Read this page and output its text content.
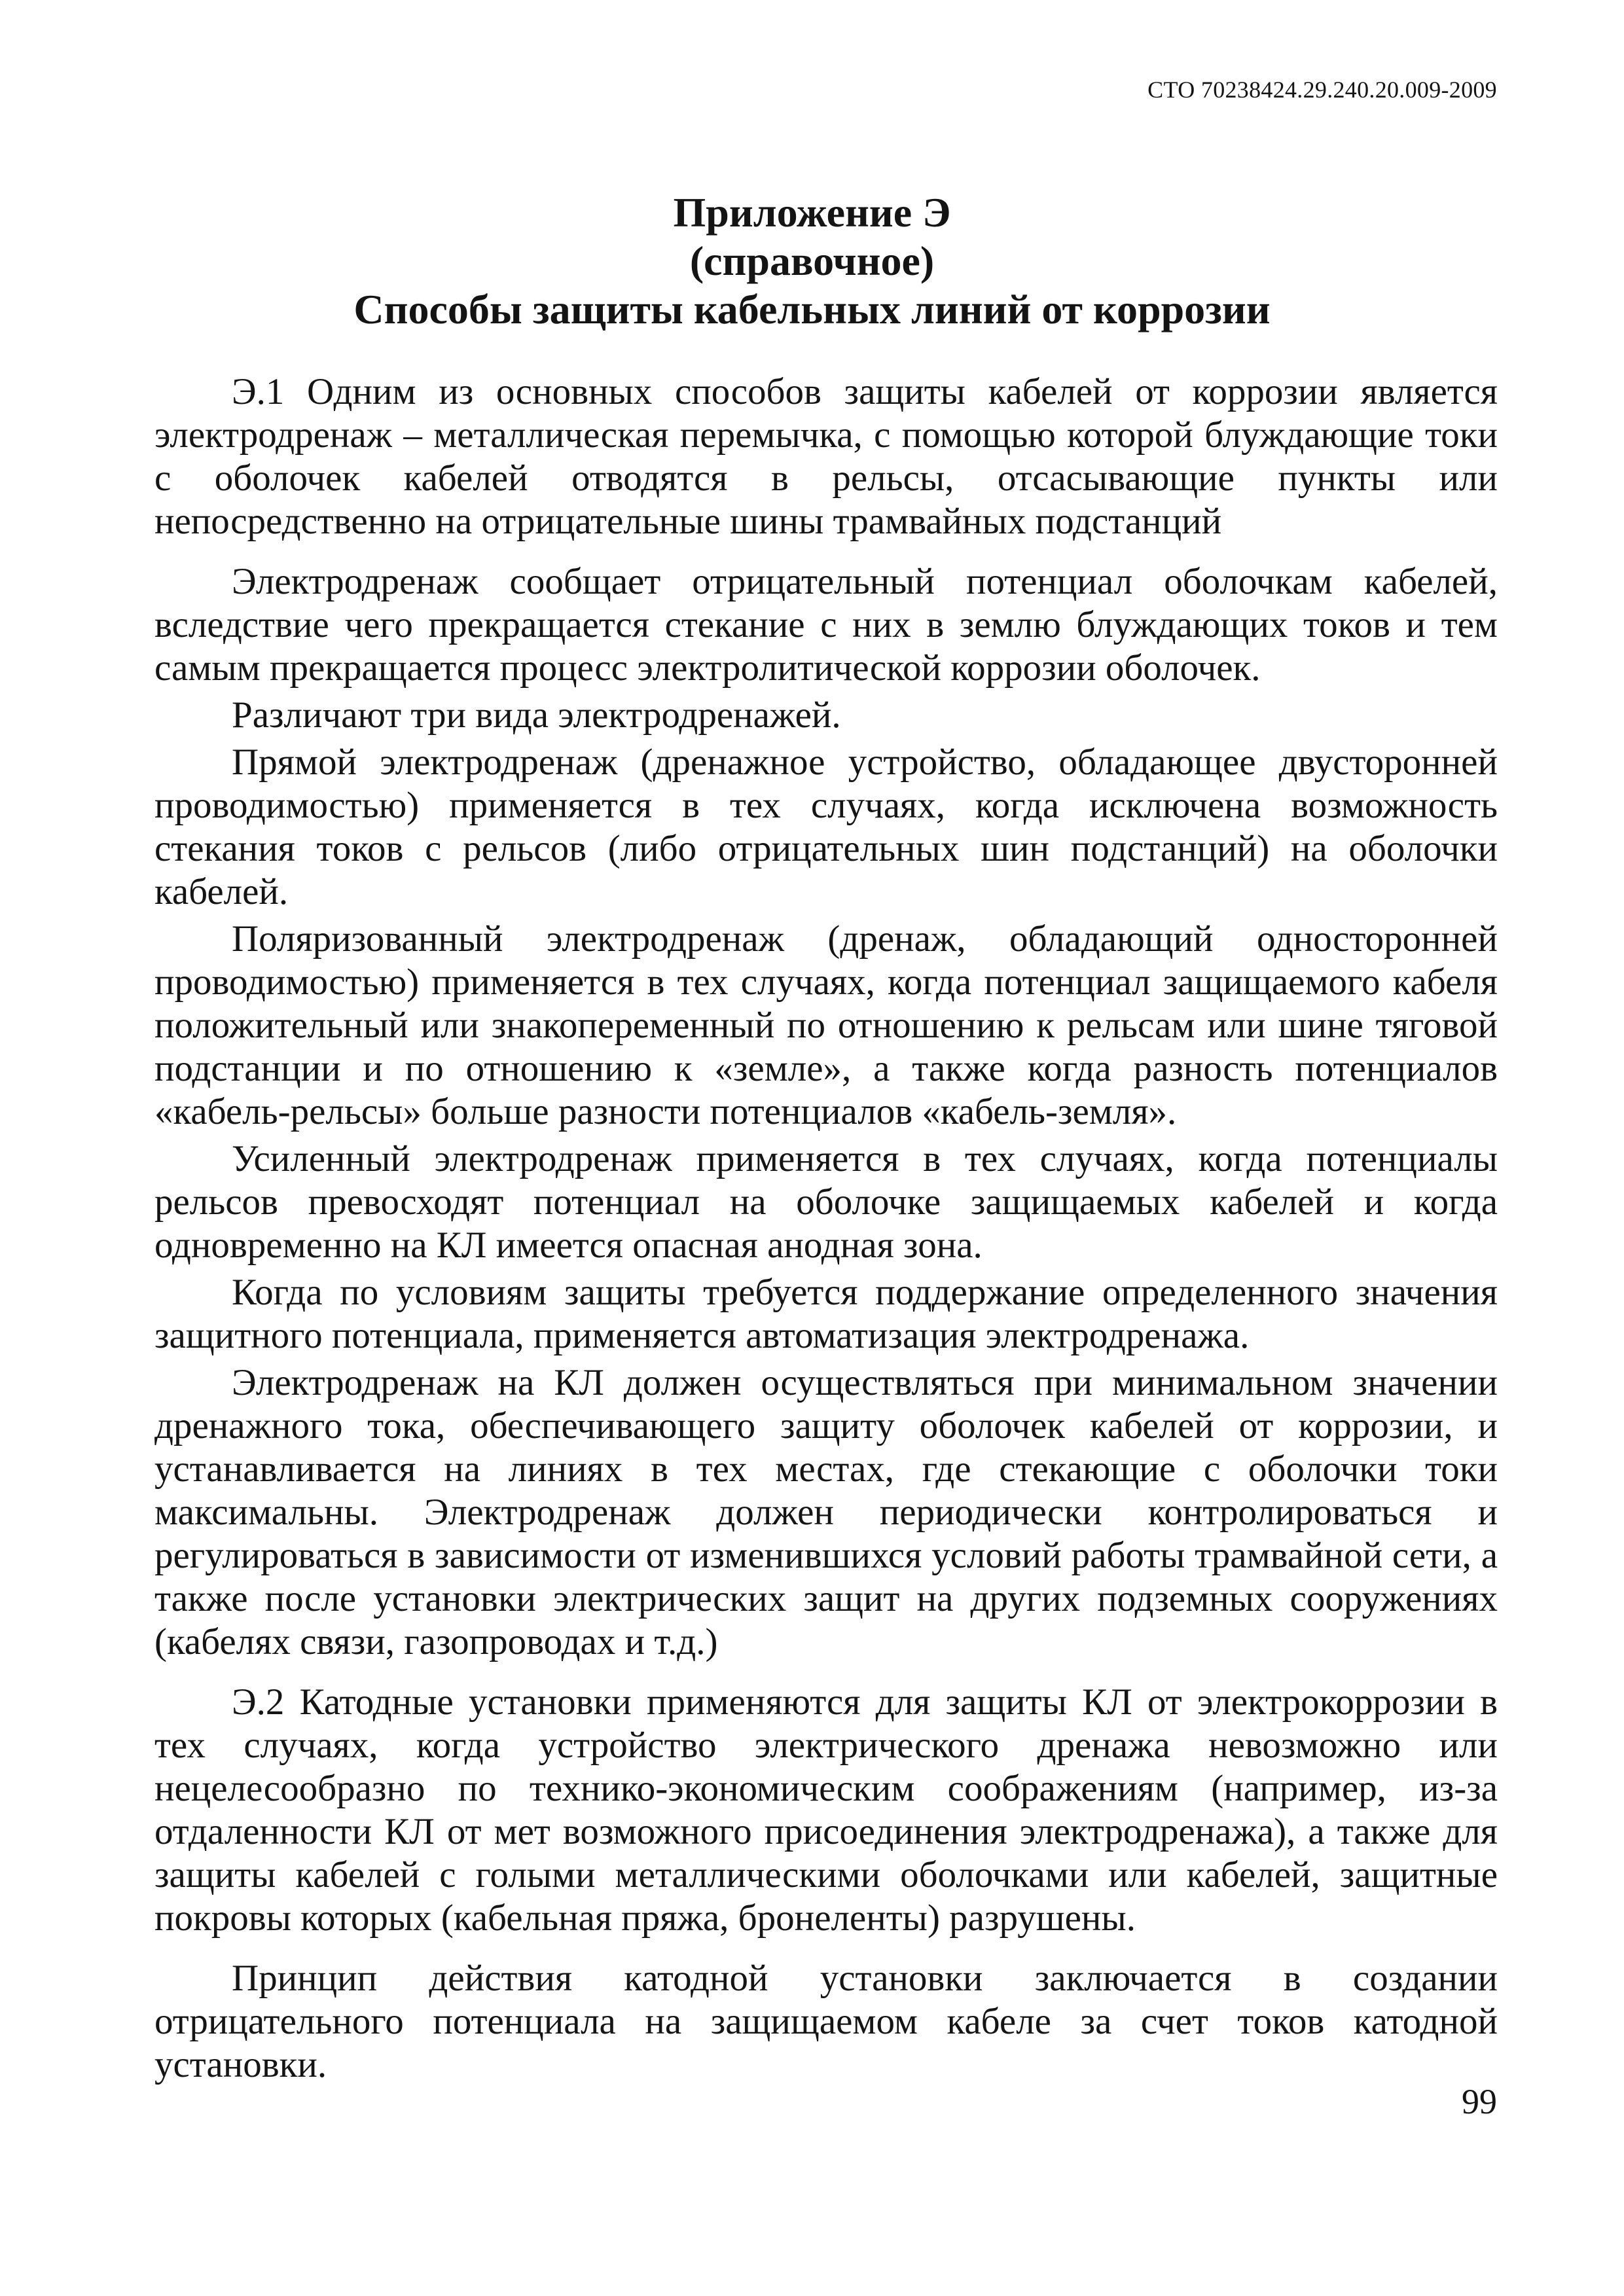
СТО 70238424.29.240.20.009-2009
Приложение Э
(справочное)
Способы защиты кабельных линий от коррозии

Э.1 Одним из основных способов защиты кабелей от коррозии является электродренаж – металлическая перемычка, с помощью которой блуждающие токи с оболочек кабелей отводятся в рельсы, отсасывающие пункты или непосредственно на отрицательные шины трамвайных подстанций

Электродренаж сообщает отрицательный потенциал оболочкам кабелей, вследствие чего прекращается стекание с них в землю блуждающих токов и тем самым прекращается процесс электролитической коррозии оболочек.

Различают три вида электродренажей.

Прямой электродренаж (дренажное устройство, обладающее двусторонней проводимостью) применяется в тех случаях, когда исключена возможность стекания токов с рельсов (либо отрицательных шин подстанций) на оболочки кабелей.

Поляризованный электродренаж (дренаж, обладающий односторонней проводимостью) применяется в тех случаях, когда потенциал защищаемого кабеля положительный или знакопеременный по отношению к рельсам или шине тяговой подстанции и по отношению к «земле», а также когда разность потенциалов «кабель-рельсы» больше разности потенциалов «кабель-земля».

Усиленный электродренаж применяется в тех случаях, когда потенциалы рельсов превосходят потенциал на оболочке защищаемых кабелей и когда одновременно на КЛ имеется опасная анодная зона.

Когда по условиям защиты требуется поддержание определенного значения защитного потенциала, применяется автоматизация электродренажа.

Электродренаж на КЛ должен осуществляться при минимальном значении дренажного тока, обеспечивающего защиту оболочек кабелей от коррозии, и устанавливается на линиях в тех местах, где стекающие с оболочки токи максимальны. Электродренаж должен периодически контролироваться и регулироваться в зависимости от изменившихся условий работы трамвайной сети, а также после установки электрических защит на других подземных сооружениях (кабелях связи, газопроводах и т.д.)

Э.2 Катодные установки применяются для защиты КЛ от электрокоррозии в тех случаях, когда устройство электрического дренажа невозможно или нецелесообразно по технико-экономическим соображениям (например, из-за отдаленности КЛ от мет возможного присоединения электродренажа), а также для защиты кабелей с голыми металлическими оболочками или кабелей, защитные покровы которых (кабельная пряжа, бронеленты) разрушены.

Принцип действия катодной установки заключается в создании отрицательного потенциала на защищаемом кабеле за счет токов катодной установки.

99
